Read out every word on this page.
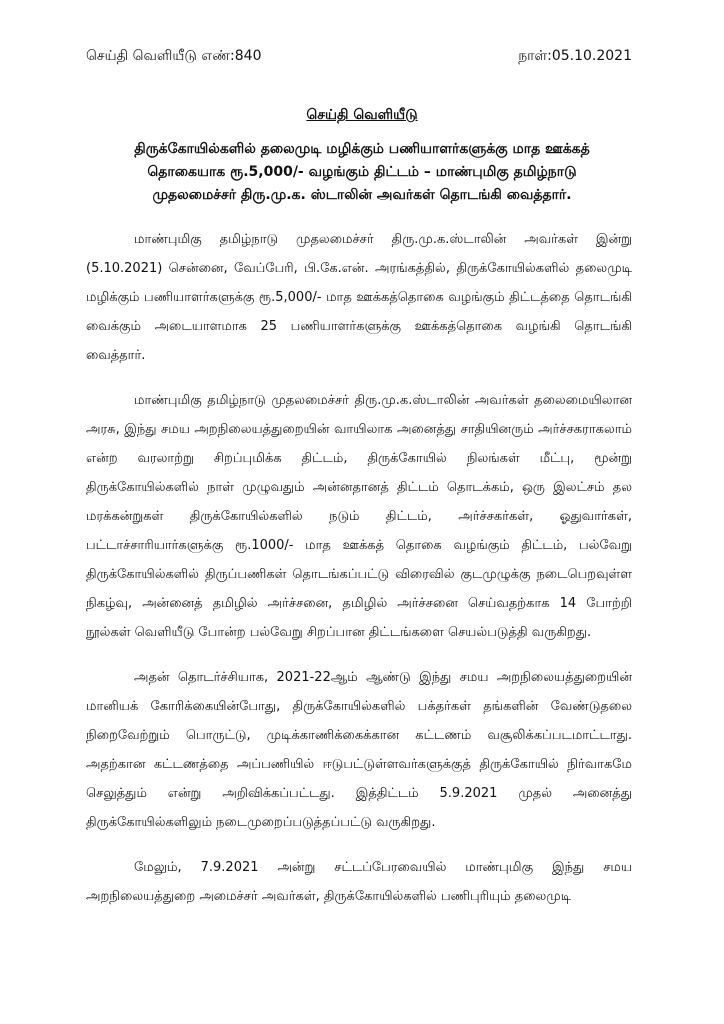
செய்தி வெளியீடு எண்:840	நாள்:05.10.2021
செய்தி வெளியீடு
திருக்கோயில்களில் தலைமுடி மழிக்கும் பணியாளர்களுக்கு மாத ஊக்கத் தொகையாக ரூ.5,000/- வழங்கும் திட்டம் – மாண்புமிகு தமிழ்நாடு முதலமைச்சர் திரு.மு.க. ஸ்டாலின் அவர்கள் தொடங்கி வைத்தார்.

மாண்புமிகு தமிழ்நாடு முதலமைச்சர் திரு.மு.க.ஸ்டாலின் அவர்கள் இன்று (5.10.2021) சென்னை, வேப்பேரி, பி.கே.என். அரங்கத்தில், திருக்கோயில்களில் தலைமுடி மழிக்கும் பணியாளர்களுக்கு ரூ.5,000/- மாத ஊக்கத்தொகை வழங்கும் திட்டத்தை தொடங்கி வைக்கும் அடையாளமாக 25 பணியாளர்களுக்கு ஊக்கத்தொகை வழங்கி தொடங்கி வைத்தார்.

மாண்புமிகு தமிழ்நாடு முதலமைச்சர் திரு.மு.க.ஸ்டாலின் அவர்கள் தலைமையிலான அரசு, இந்து சமய அறநிலையத்துறையின் வாயிலாக அனைத்து சாதியினரும் அர்ச்சகராகலாம் என்ற வரலாற்று சிறப்புமிக்க திட்டம், திருக்கோயில் நிலங்கள் மீட்பு, மூன்று திருக்கோயில்களில் நாள் முழுவதும் அன்னதானத் திட்டம் தொடக்கம், ஒரு இலட்சம் தல மரக்கன்றுகள் திருக்கோயில்களில் நடும் திட்டம், அர்ச்சகர்கள், ஓதுவார்கள், பட்டாச்சாரியார்களுக்கு ரூ.1000/- மாத ஊக்கத் தொகை வழங்கும் திட்டம், பல்வேறு திருக்கோயில்களில் திருப்பணிகள் தொடங்கப்பட்டு விரைவில் குடமுழுக்கு நடைபெறவுள்ள நிகழ்வு, அன்னைத் தமிழில் அர்ச்சனை, தமிழில் அர்ச்சனை செய்வதற்காக 14 போற்றி நூல்கள் வெளியீடு போன்ற பல்வேறு சிறப்பான திட்டங்களை செயல்படுத்தி வருகிறது.

அதன் தொடர்ச்சியாக, 2021-22ஆம் ஆண்டு இந்து சமய அறநிலையத்துறையின் மானியக் கோரிக்கையின்போது, திருக்கோயில்களில் பக்தர்கள் தங்களின் வேண்டுதலை நிறைவேற்றும் பொருட்டு, முடிக்காணிக்கைக்கான கட்டணம் வசூலிக்கப்படமாட்டாது. அதற்கான கட்டணத்தை அப்பணியில் ஈடுபட்டுள்ளவர்களுக்குத் திருக்கோயில் நிர்வாகமே செலுத்தும் என்று அறிவிக்கப்பட்டது. இத்திட்டம் 5.9.2021 முதல் அனைத்து திருக்கோயில்களிலும் நடைமுறைப்படுத்தப்பட்டு வருகிறது.

மேலும், 7.9.2021 அன்று சட்டப்பேரவையில் மாண்புமிகு இந்து சமய அறநிலையத்துறை அமைச்சர் அவர்கள், திருக்கோயில்களில் பணிபுரியும் தலைமுடி
